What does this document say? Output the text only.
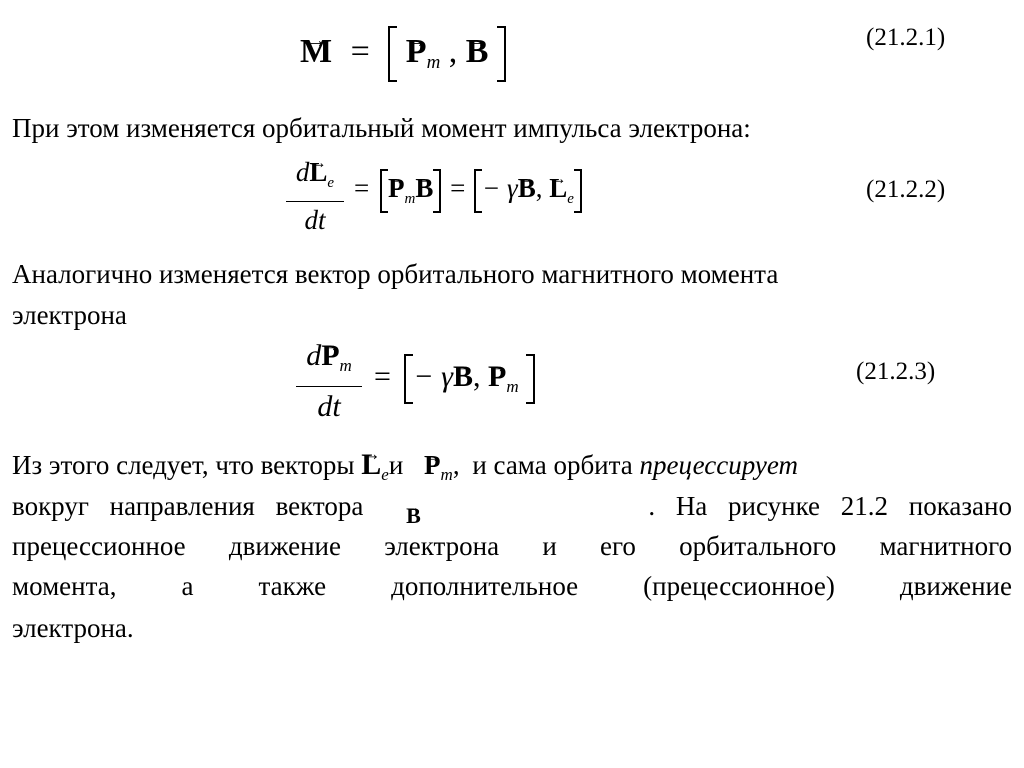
→ M = → $P_m$ , → B	(21.2.1)
При этом изменяется орбитальный момент импульса электрона:
$d\to L_e$
dt
= → $P_m\to B$ = − γ→ B, → $L_e$	(21.2.2)
Аналогично изменяется вектор орбитального магнитного момента
электрона
$d\to P_m$
dt
= − γ→ B, → $P_m$
(21.2.3)
Из этого следует, что векторы → $L_eи \to P_m$, и сама орбита прецессирует
вокруг направления вектора → B	. На рисунке 21.2 показано
прецессионное движение электрона и его орбитального магнитного
момента, а также дополнительное (прецессионное) движение
электрона.
